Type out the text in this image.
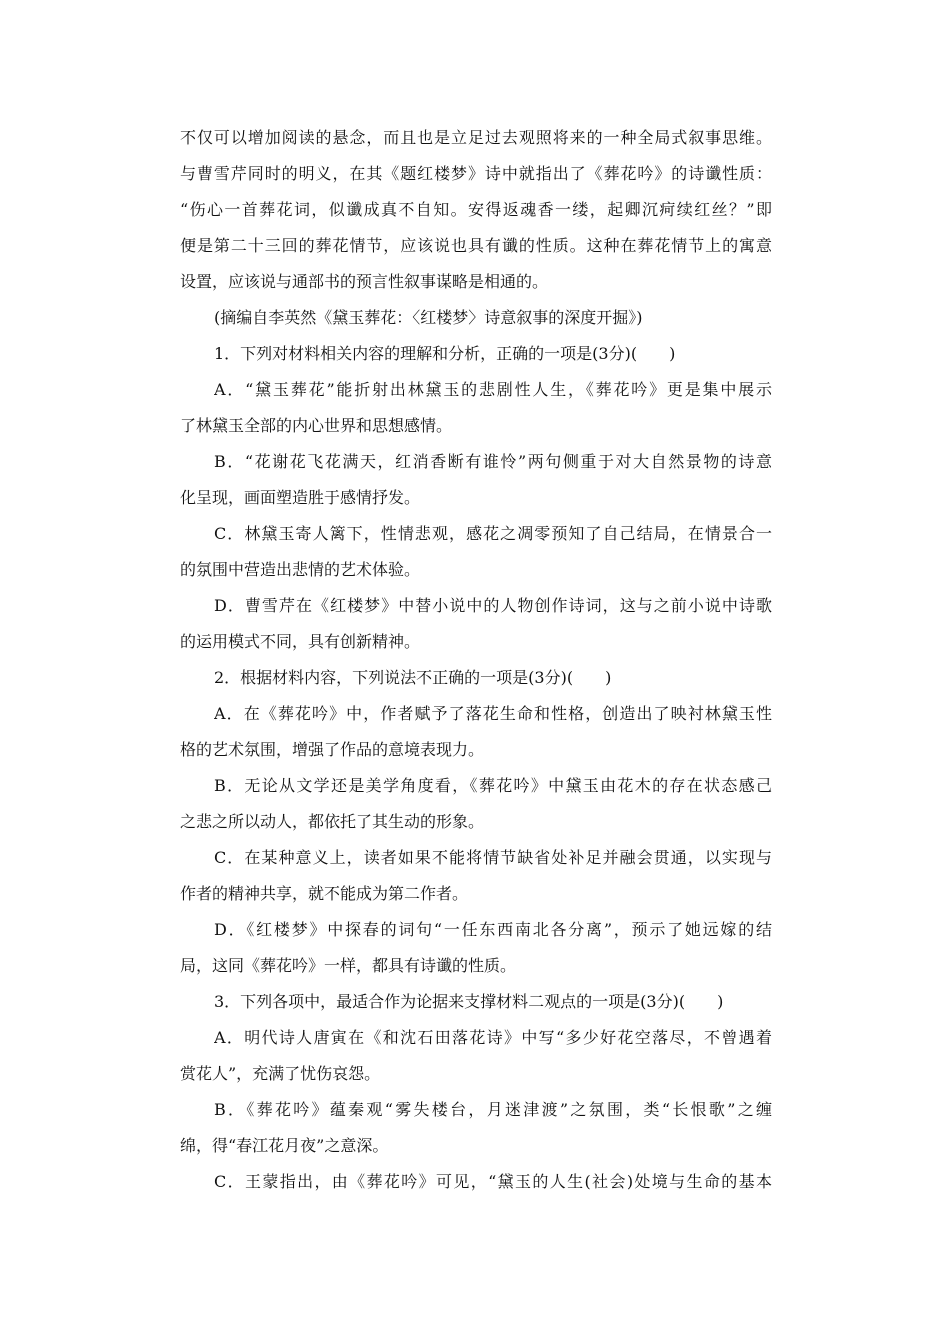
不仅可以增加阅读的悬念，而且也是立足过去观照将来的一种全局式叙事思维。
与曹雪芹同时的明义，在其《题红楼梦》诗中就指出了《葬花吟》的诗谶性质：
“伤心一首葬花词，似谶成真不自知。安得返魂香一缕，起卿沉疴续红丝？”即
便是第二十三回的葬花情节，应该说也具有谶的性质。这种在葬花情节上的寓意
设置，应该说与通部书的预言性叙事谋略是相通的。
(摘编自李英然《黛玉葬花：〈红楼梦〉诗意叙事的深度开掘》)
1．下列对材料相关内容的理解和分析，正确的一项是(3分)(　　)
A．“黛玉葬花”能折射出林黛玉的悲剧性人生，《葬花吟》更是集中展示
了林黛玉全部的内心世界和思想感情。
B．“花谢花飞花满天，红消香断有谁怜”两句侧重于对大自然景物的诗意
化呈现，画面塑造胜于感情抒发。
C．林黛玉寄人篱下，性情悲观，感花之凋零预知了自己结局，在情景合一
的氛围中营造出悲情的艺术体验。
D．曹雪芹在《红楼梦》中替小说中的人物创作诗词，这与之前小说中诗歌
的运用模式不同，具有创新精神。
2．根据材料内容，下列说法不正确的一项是(3分)(　　)
A．在《葬花吟》中，作者赋予了落花生命和性格，创造出了映衬林黛玉性
格的艺术氛围，增强了作品的意境表现力。
B．无论从文学还是美学角度看，《葬花吟》中黛玉由花木的存在状态感己
之悲之所以动人，都依托了其生动的形象。
C．在某种意义上，读者如果不能将情节缺省处补足并融会贯通，以实现与
作者的精神共享，就不能成为第二作者。
D．《红楼梦》中探春的词句“一任东西南北各分离”，预示了她远嫁的结
局，这同《葬花吟》一样，都具有诗谶的性质。
3．下列各项中，最适合作为论据来支撑材料二观点的一项是(3分)(　　)
A．明代诗人唐寅在《和沈石田落花诗》中写“多少好花空落尽，不曾遇着
赏花人”，充满了忧伤哀怨。
B．《葬花吟》蕴秦观“雾失楼台，月迷津渡”之氛围，类“长恨歌”之缠
绵，得“春江花月夜”之意深。
C．王蒙指出，由《葬花吟》可见，“黛玉的人生(社会)处境与生命的基本
